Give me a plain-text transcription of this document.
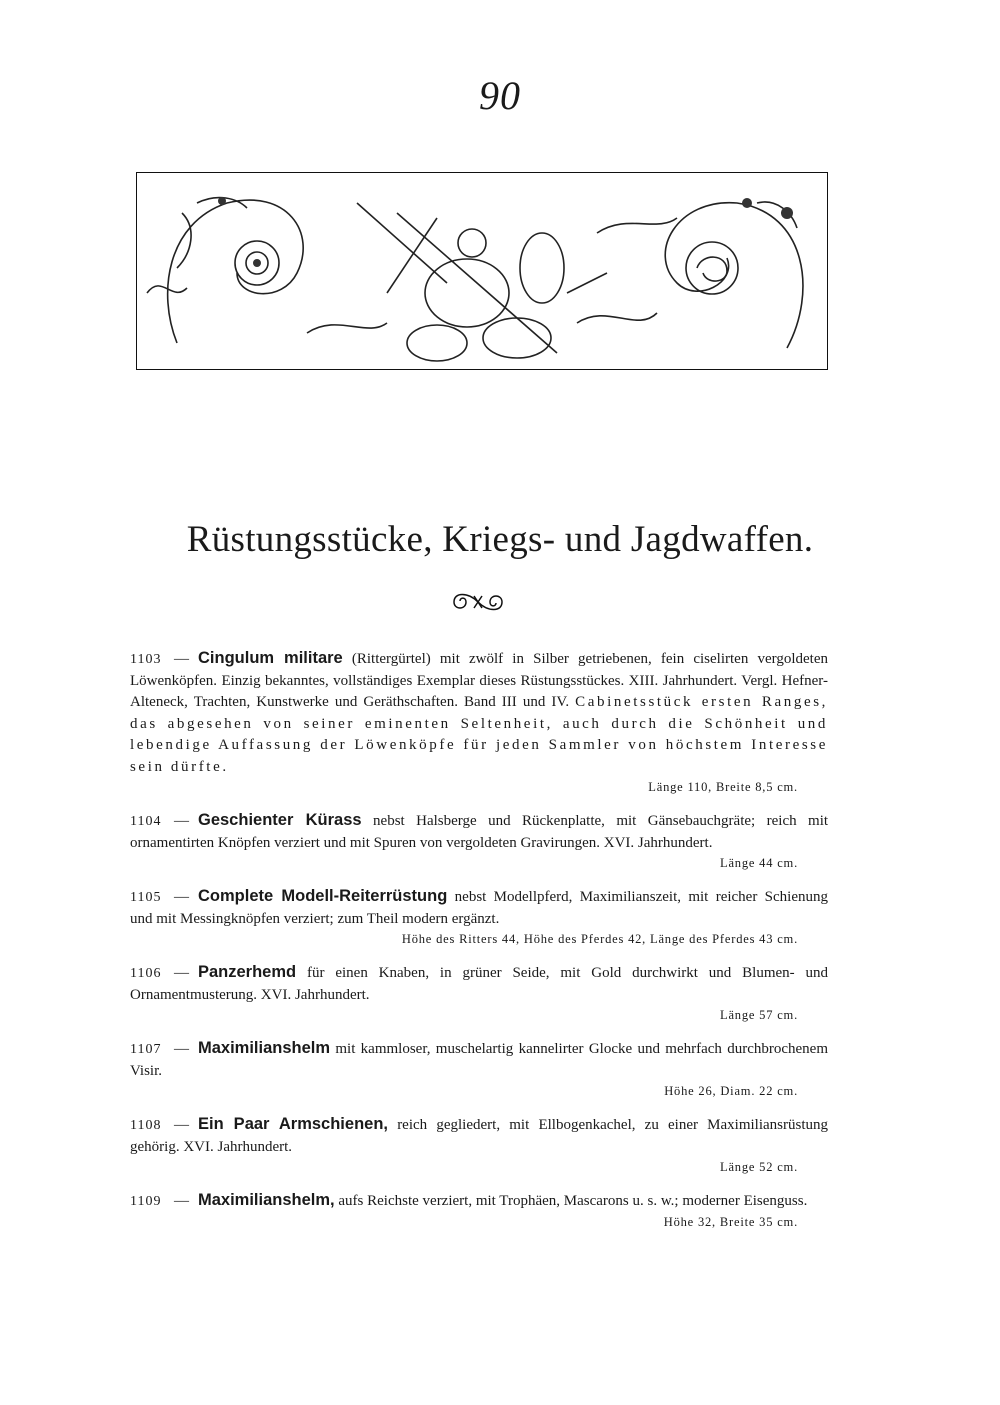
90
Rüstungsstücke, Kriegs- und Jagdwaffen.
1103 — Cingulum militare (Rittergürtel) mit zwölf in Silber getriebenen, fein ciselirten vergoldeten Löwenköpfen. Einzig bekanntes, vollständiges Exemplar dieses Rüstungsstückes. XIII. Jahrhundert. Vergl. Hefner-Alteneck, Trachten, Kunstwerke und Geräthschaften. Band III und IV. Cabinetsstück ersten Ranges, das abgesehen von seiner eminenten Seltenheit, auch durch die Schönheit und lebendige Auffassung der Löwenköpfe für jeden Sammler von höchstem Interesse sein dürfte.
Länge 110, Breite 8,5 cm.
1104 — Geschienter Kürass nebst Halsberge und Rückenplatte, mit Gänsebauchgräte; reich mit ornamentirten Knöpfen verziert und mit Spuren von vergoldeten Gravirungen. XVI. Jahrhundert.
Länge 44 cm.
1105 — Complete Modell-Reiterrüstung nebst Modellpferd, Maximilianszeit, mit reicher Schienung und mit Messingknöpfen verziert; zum Theil modern ergänzt.
Höhe des Ritters 44, Höhe des Pferdes 42, Länge des Pferdes 43 cm.
1106 — Panzerhemd für einen Knaben, in grüner Seide, mit Gold durchwirkt und Blumen- und Ornamentmusterung. XVI. Jahrhundert.
Länge 57 cm.
1107 — Maximilianshelm mit kammloser, muschelartig kannelirter Glocke und mehrfach durchbrochenem Visir.
Höhe 26, Diam. 22 cm.
1108 — Ein Paar Armschienen, reich gegliedert, mit Ellbogenkachel, zu einer Maximiliansrüstung gehörig. XVI. Jahrhundert.
Länge 52 cm.
1109 — Maximilianshelm, aufs Reichste verziert, mit Trophäen, Mascarons u. s. w.; moderner Eisenguss.
Höhe 32, Breite 35 cm.
